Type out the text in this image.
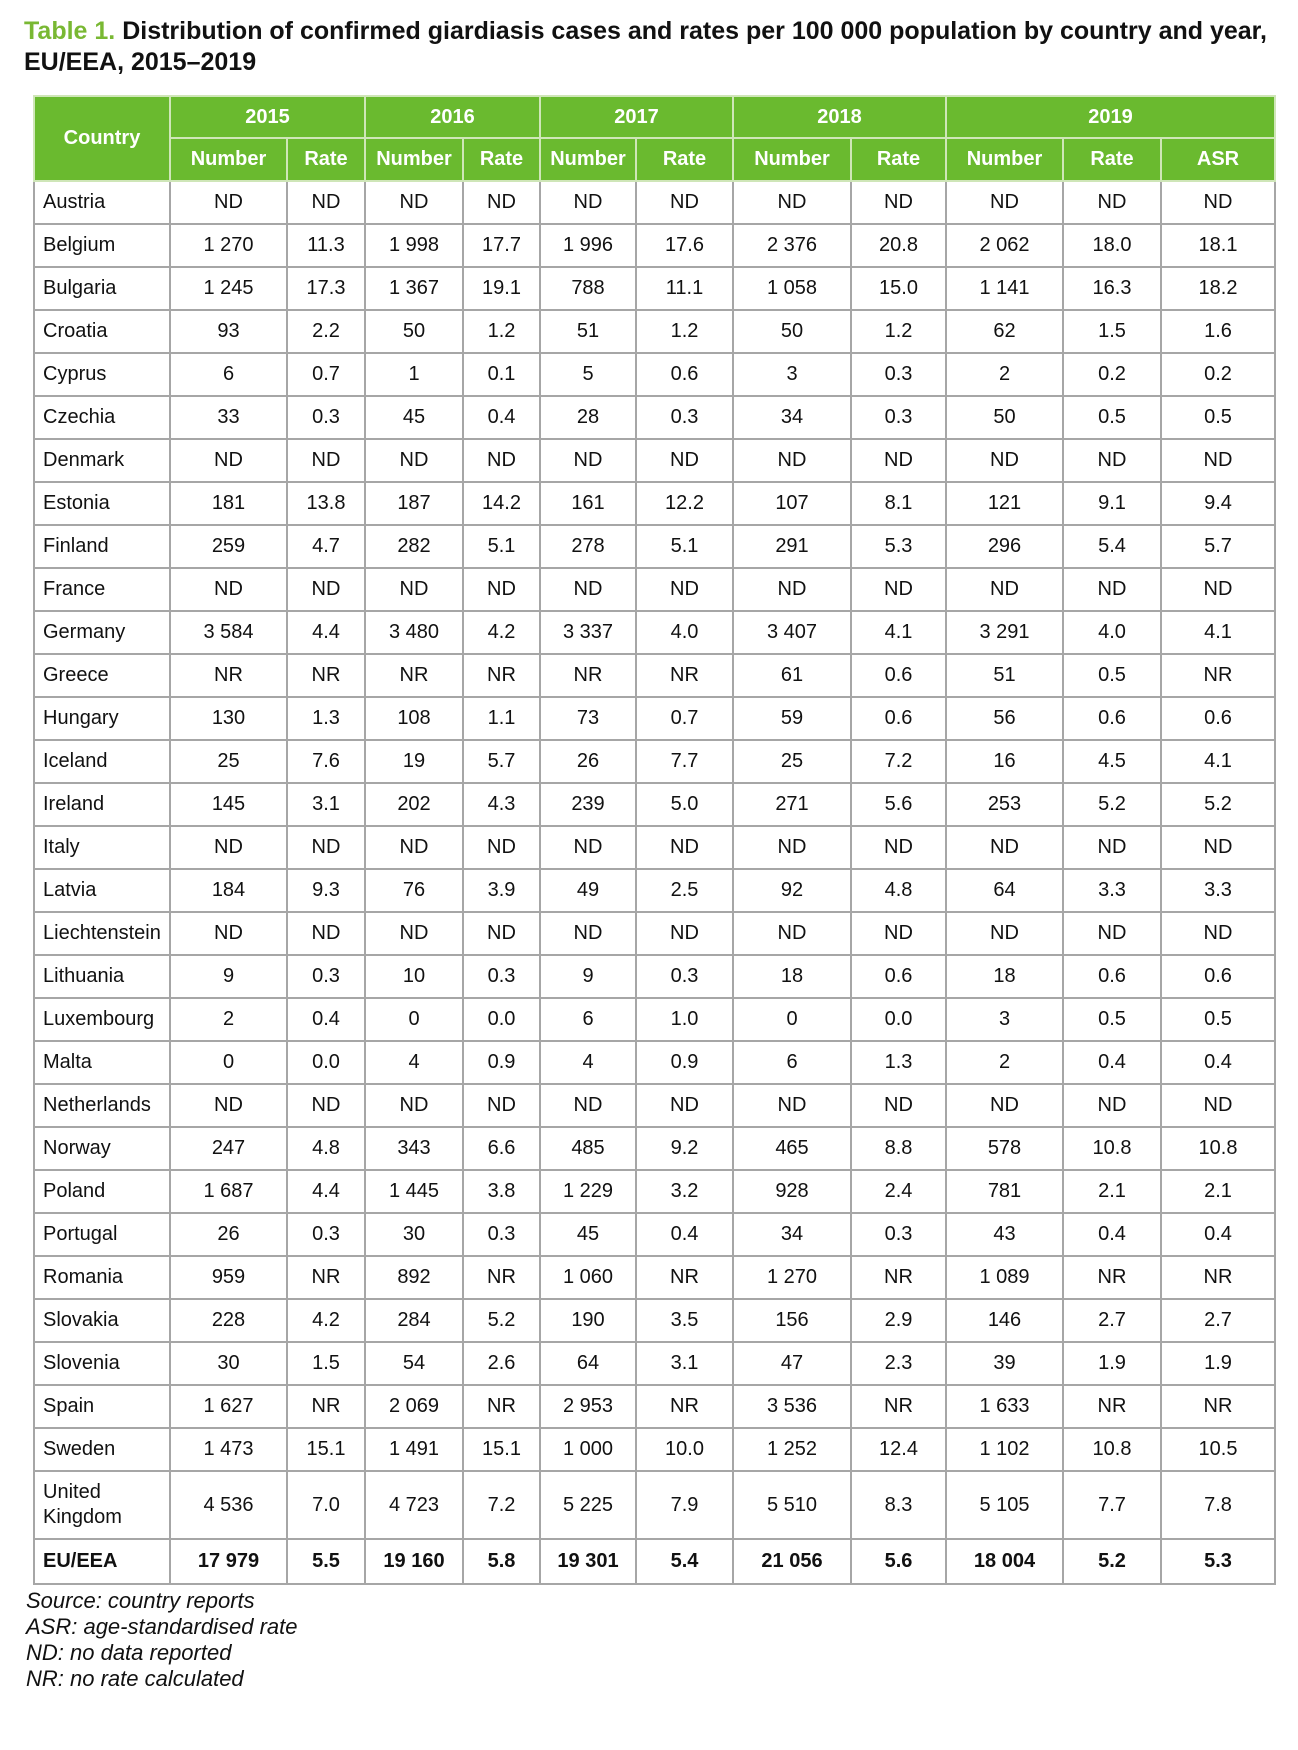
Table 1. Distribution of confirmed giardiasis cases and rates per 100 000 population by country and year, EU/EEA, 2015–2019
Country	2015		2016		2017		2018		2019		
	Number	Rate	Number	Rate	Number	Rate	Number	Rate	Number	Rate	ASR
Austria	ND	ND	ND	ND	ND	ND	ND	ND	ND	ND	ND
Belgium	1 270	11.3	1 998	17.7	1 996	17.6	2 376	20.8	2 062	18.0	18.1
Bulgaria	1 245	17.3	1 367	19.1	788	11.1	1 058	15.0	1 141	16.3	18.2
Croatia	93	2.2	50	1.2	51	1.2	50	1.2	62	1.5	1.6
Cyprus	6	0.7	1	0.1	5	0.6	3	0.3	2	0.2	0.2
Czechia	33	0.3	45	0.4	28	0.3	34	0.3	50	0.5	0.5
Denmark	ND	ND	ND	ND	ND	ND	ND	ND	ND	ND	ND
Estonia	181	13.8	187	14.2	161	12.2	107	8.1	121	9.1	9.4
Finland	259	4.7	282	5.1	278	5.1	291	5.3	296	5.4	5.7
France	ND	ND	ND	ND	ND	ND	ND	ND	ND	ND	ND
Germany	3 584	4.4	3 480	4.2	3 337	4.0	3 407	4.1	3 291	4.0	4.1
Greece	NR	NR	NR	NR	NR	NR	61	0.6	51	0.5	NR
Hungary	130	1.3	108	1.1	73	0.7	59	0.6	56	0.6	0.6
Iceland	25	7.6	19	5.7	26	7.7	25	7.2	16	4.5	4.1
Ireland	145	3.1	202	4.3	239	5.0	271	5.6	253	5.2	5.2
Italy	ND	ND	ND	ND	ND	ND	ND	ND	ND	ND	ND
Latvia	184	9.3	76	3.9	49	2.5	92	4.8	64	3.3	3.3
Liechtenstein	ND	ND	ND	ND	ND	ND	ND	ND	ND	ND	ND
Lithuania	9	0.3	10	0.3	9	0.3	18	0.6	18	0.6	0.6
Luxembourg	2	0.4	0	0.0	6	1.0	0	0.0	3	0.5	0.5
Malta	0	0.0	4	0.9	4	0.9	6	1.3	2	0.4	0.4
Netherlands	ND	ND	ND	ND	ND	ND	ND	ND	ND	ND	ND
Norway	247	4.8	343	6.6	485	9.2	465	8.8	578	10.8	10.8
Poland	1 687	4.4	1 445	3.8	1 229	3.2	928	2.4	781	2.1	2.1
Portugal	26	0.3	30	0.3	45	0.4	34	0.3	43	0.4	0.4
Romania	959	NR	892	NR	1 060	NR	1 270	NR	1 089	NR	NR
Slovakia	228	4.2	284	5.2	190	3.5	156	2.9	146	2.7	2.7
Slovenia	30	1.5	54	2.6	64	3.1	47	2.3	39	1.9	1.9
Spain	1 627	NR	2 069	NR	2 953	NR	3 536	NR	1 633	NR	NR
Sweden	1 473	15.1	1 491	15.1	1 000	10.0	1 252	12.4	1 102	10.8	10.5
United Kingdom	4 536	7.0	4 723	7.2	5 225	7.9	5 510	8.3	5 105	7.7	7.8
EU/EEA	17 979	5.5	19 160	5.8	19 301	5.4	21 056	5.6	18 004	5.2	5.3
Source: country reports
ASR: age-standardised rate
ND: no data reported
NR: no rate calculated
